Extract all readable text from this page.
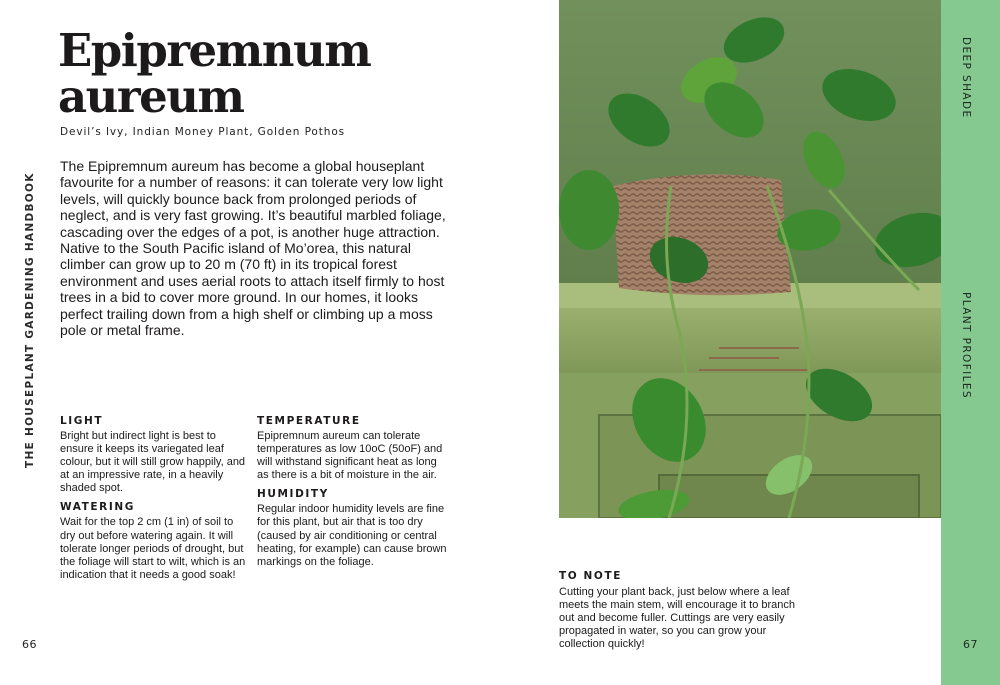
THE HOUSEPLANT GARDENING HANDBOOK
Epipremnum
aureum
Devil’s Ivy, Indian Money Plant, Golden Pothos

The Epipremnum aureum has become a global houseplant favourite for a number of reasons: it can tolerate very low light levels, will quickly bounce back from prolonged periods of neglect, and is very fast growing. It’s beautiful marbled foliage, cascading over the edges of a pot, is another huge attraction. Native to the South Pacific island of Mo’orea, this natural climber can grow up to 20 m (70 ft) in its tropical forest environment and uses aerial roots to attach itself firmly to host trees in a bid to cover more ground. In our homes, it looks perfect trailing down from a high shelf or climbing up a moss pole or metal frame.

LIGHT
Bright but indirect light is best to ensure it keeps its variegated leaf colour, but it will still grow happily, and at an impressive rate, in a heavily shaded spot.
WATERING
Wait for the top 2 cm (1 in) of soil to dry out before watering again. It will tolerate longer periods of drought, but the foliage will start to wilt, which is an indication that it needs a good soak!
TEMPERATURE
Epipremnum aureum can tolerate temperatures as low 10oC (50oF) and will withstand significant heat as long as there is a bit of moisture in the air.
HUMIDITY
Regular indoor humidity levels are fine for this plant, but air that is too dry (caused by air conditioning or central heating, for example) can cause brown markings on the foliage.
66
TO NOTE
Cutting your plant back, just below where a leaf meets the main stem, will encourage it to branch out and become fuller. Cuttings are very easily propagated in water, so you can grow your collection quickly!
DEEP SHADE
PLANT PROFILES
67
